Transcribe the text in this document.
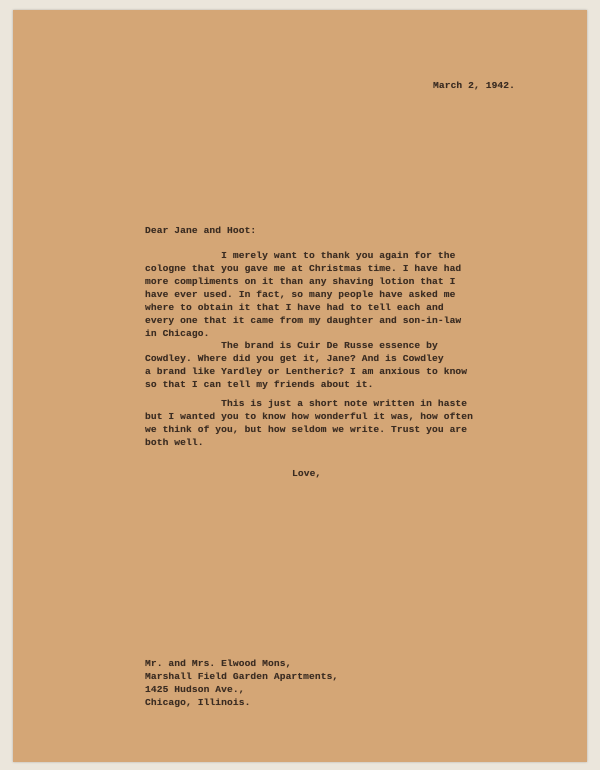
March 2, 1942.
Dear Jane and Hoot:
I merely want to thank you again for the
cologne that you gave me at Christmas time. I have had
more compliments on it than any shaving lotion that I
have ever used. In fact, so many people have asked me
where to obtain it that I have had to tell each and
every one that it came from my daughter and son-in-law
in Chicago.
The brand is Cuir De Russe essence by
Cowdley. Where did you get it, Jane? And is Cowdley
a brand like Yardley or Lentheric? I am anxious to know
so that I can tell my friends about it.
This is just a short note written in haste
but I wanted you to know how wonderful it was, how often
we think of you, but how seldom we write. Trust you are
both well.
Love,
Mr. and Mrs. Elwood Mons,
Marshall Field Garden Apartments,
1425 Hudson Ave.,
Chicago, Illinois.
